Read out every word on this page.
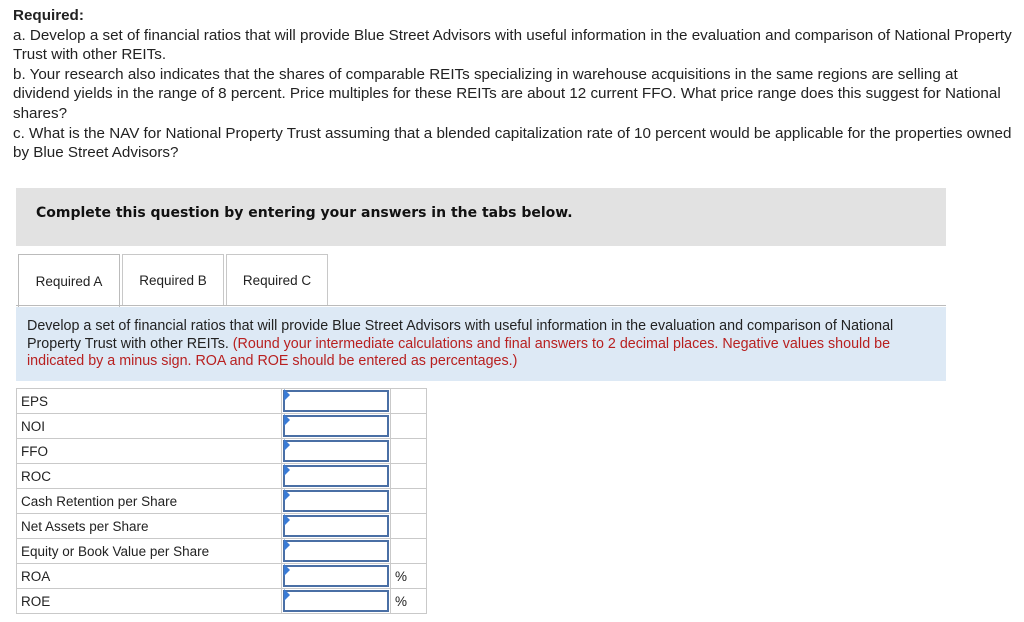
Required:

a. Develop a set of financial ratios that will provide Blue Street Advisors with useful information in the evaluation and comparison of National Property Trust with other REITs.

b. Your research also indicates that the shares of comparable REITs specializing in warehouse acquisitions in the same regions are selling at dividend yields in the range of 8 percent. Price multiples for these REITs are about 12 current FFO. What price range does this suggest for National shares?

c. What is the NAV for National Property Trust assuming that a blended capitalization rate of 10 percent would be applicable for the properties owned by Blue Street Advisors?

Complete this question by entering your answers in the tabs below.
Required A	Required B	Required C
Develop a set of financial ratios that will provide Blue Street Advisors with useful information in the evaluation and comparison of National Property Trust with other REITs. (Round your intermediate calculations and final answers to 2 decimal places. Negative values should be indicated by a minus sign. ROA and ROE should be entered as percentages.)
EPS	

NOI	

FFO	

ROC	

Cash Retention per Share	

Net Assets per Share	

Equity or Book Value per Share	

ROA		%
ROE		%
